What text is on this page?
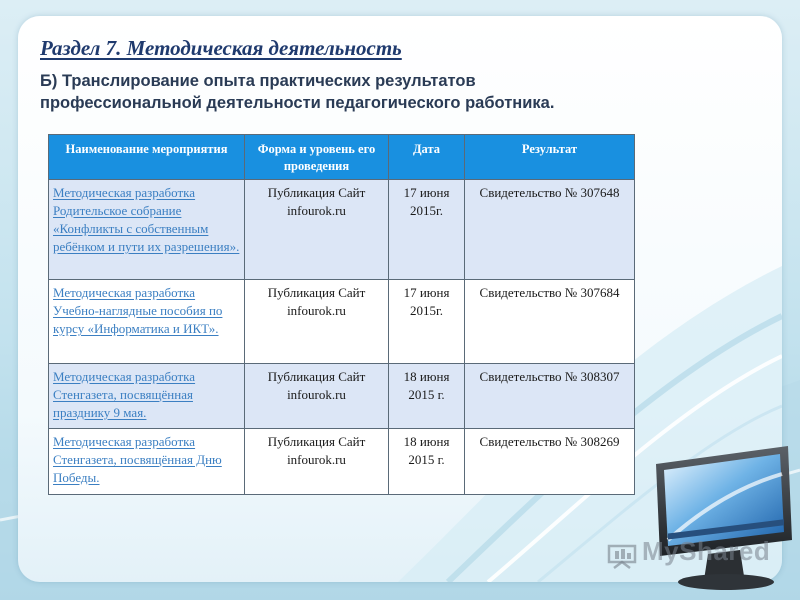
Раздел 7. Методическая деятельность
Б) Транслирование опыта практических результатов профессиональной деятельности педагогического работника.
Наименование мероприятия	Форма и уровень его проведения	Дата	Результат
Методическая разработка Родительское собрание «Конфликты с собственным ребёнком и пути их разрешения».	Публикация Сайт infourok.ru	17 июня 2015г.	Свидетельство № 307648
Методическая разработка Учебно-наглядные пособия по курсу «Информатика и ИКТ».	Публикация Сайт infourok.ru	17 июня 2015г.	Свидетельство № 307684
Методическая разработка Стенгазета, посвящённая празднику 9 мая.	Публикация Сайт infourok.ru	18 июня 2015 г.	Свидетельство № 308307
Методическая разработка Стенгазета, посвящённая Дню Победы.	Публикация Сайт infourok.ru	18 июня 2015 г.	Свидетельство № 308269
MyShared
